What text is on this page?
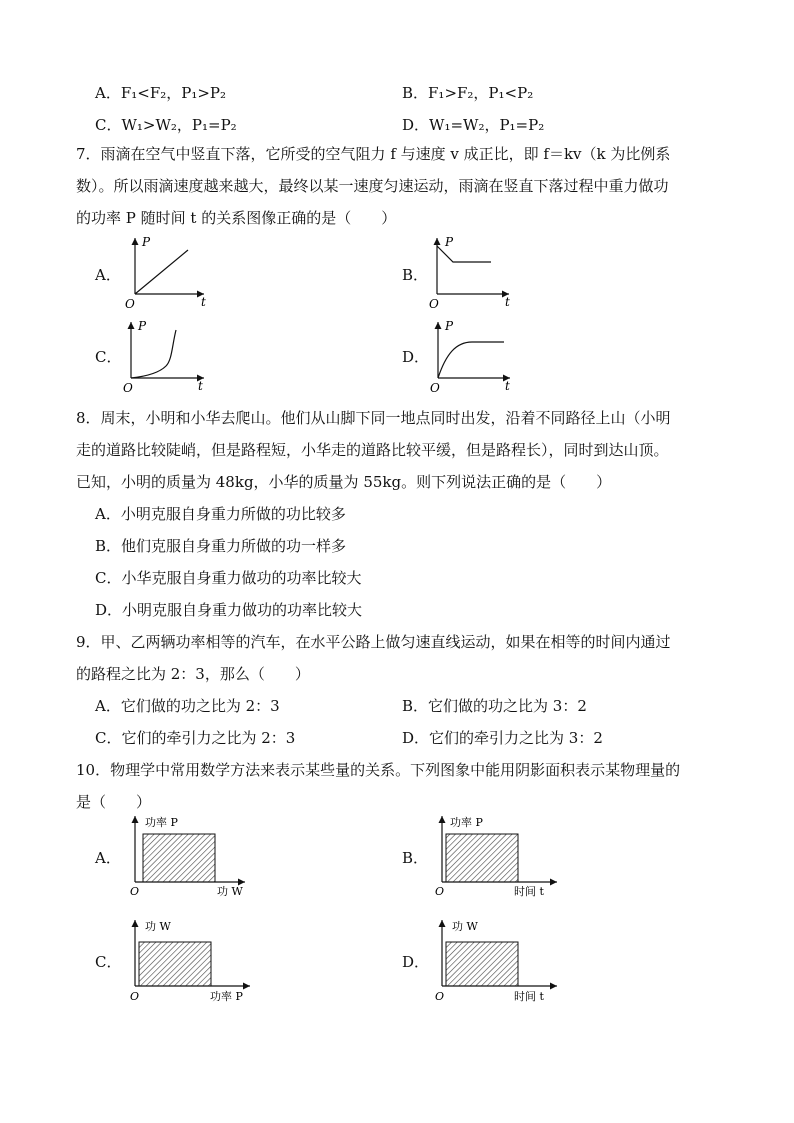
A．F₁<F₂，P₁>P₂	B．F₁>F₂，P₁<P₂
C．W₁>W₂，P₁=P₂	D．W₁=W₂，P₁=P₂
7．雨滴在空气中竖直下落，它所受的空气阻力 f 与速度 v 成正比，即 f＝kv（k 为比例系
数）。所以雨滴速度越来越大，最终以某一速度匀速运动，雨滴在竖直下落过程中重力做功
的功率 P 随时间 t 的关系图像正确的是（　　）
A．	B．
C．	D．
P
t
O
P
t
O
P
t
O
P
t
O
8．周末，小明和小华去爬山。他们从山脚下同一地点同时出发，沿着不同路径上山（小明
走的道路比较陡峭，但是路程短，小华走的道路比较平缓，但是路程长），同时到达山顶。
已知，小明的质量为 48kg，小华的质量为 55kg。则下列说法正确的是（　　）
A．小明克服自身重力所做的功比较多
B．他们克服自身重力所做的功一样多
C．小华克服自身重力做功的功率比较大
D．小明克服自身重力做功的功率比较大
9．甲、乙两辆功率相等的汽车，在水平公路上做匀速直线运动，如果在相等的时间内通过
的路程之比为 2：3，那么（　　）
A．它们做的功之比为 2：3	B．它们做的功之比为 3：2
C．它们的牵引力之比为 2：3	D．它们的牵引力之比为 3：2
10．物理学中常用数学方法来表示某些量的关系。下列图象中能用阴影面积表示某物理量的
是（　　）
A．	B．
C．	D．
功率 P
功 W
O
功率 P
时间 t
O
功 W
功率 P
O
功 W
时间 t
O
